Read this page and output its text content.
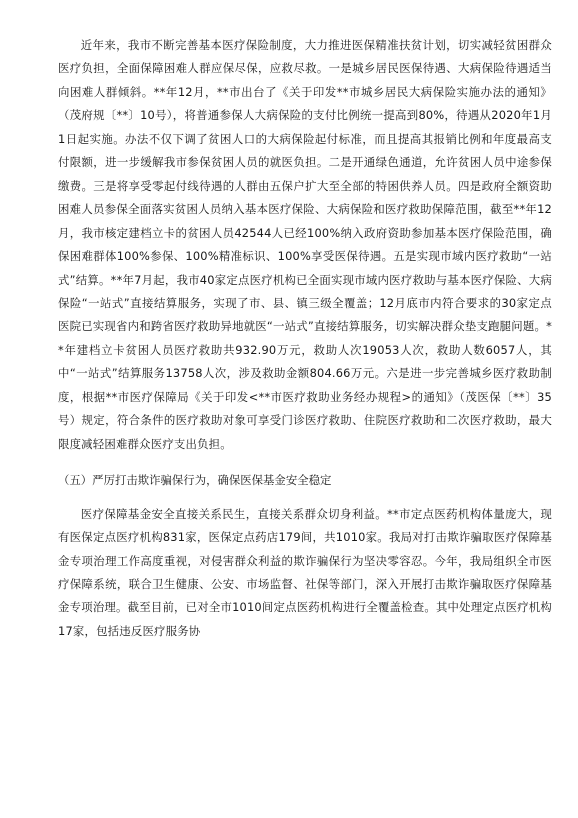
近年来，我市不断完善基本医疗保险制度，大力推进医保精准扶贫计划，切实减轻贫困群众医疗负担，全面保障困难人群应保尽保，应救尽救。一是城乡居民医保待遇、大病保险待遇适当向困难人群倾斜。**年12月，**市出台了《关于印发**市城乡居民大病保险实施办法的通知》（茂府规〔**〕10号），将普通参保人大病保险的支付比例统一提高到80%，待遇从2020年1月1日起实施。办法不仅下调了贫困人口的大病保险起付标准，而且提高其报销比例和年度最高支付限额，进一步缓解我市参保贫困人员的就医负担。二是开通绿色通道，允许贫困人员中途参保缴费。三是将享受零起付线待遇的人群由五保户扩大至全部的特困供养人员。四是政府全额资助困难人员参保全面落实贫困人员纳入基本医疗保险、大病保险和医疗救助保障范围，截至**年12月，我市核定建档立卡的贫困人员42544人已经100%纳入政府资助参加基本医疗保险范围，确保困难群体100%参保、100%精准标识、100%享受医保待遇。五是实现市域内医疗救助“一站式”结算。**年7月起，我市40家定点医疗机构已全面实现市域内医疗救助与基本医疗保险、大病保险“一站式”直接结算服务，实现了市、县、镇三级全覆盖；12月底市内符合要求的30家定点医院已实现省内和跨省医疗救助异地就医“一站式”直接结算服务，切实解决群众垫支跑腿问题。**年建档立卡贫困人员医疗救助共932.90万元，救助人次19053人次，救助人数6057人，其中“一站式”结算服务13758人次，涉及救助金额804.66万元。六是进一步完善城乡医疗救助制度，根据**市医疗保障局《关于印发<**市医疗救助业务经办规程>的通知》（茂医保〔**〕35号）规定，符合条件的医疗救助对象可享受门诊医疗救助、住院医疗救助和二次医疗救助，最大限度减轻困难群众医疗支出负担。

（五）严厉打击欺诈骗保行为，确保医保基金安全稳定

医疗保障基金安全直接关系民生，直接关系群众切身利益。**市定点医药机构体量庞大，现有医保定点医疗机构831家，医保定点药店179间，共1010家。我局对打击欺诈骗取医疗保障基金专项治理工作高度重视，对侵害群众利益的欺诈骗保行为坚决零容忍。今年，我局组织全市医疗保障系统，联合卫生健康、公安、市场监督、社保等部门，深入开展打击欺诈骗取医疗保障基金专项治理。截至目前，已对全市1010间定点医药机构进行全覆盖检查。其中处理定点医疗机构17家，包括违反医疗服务协
